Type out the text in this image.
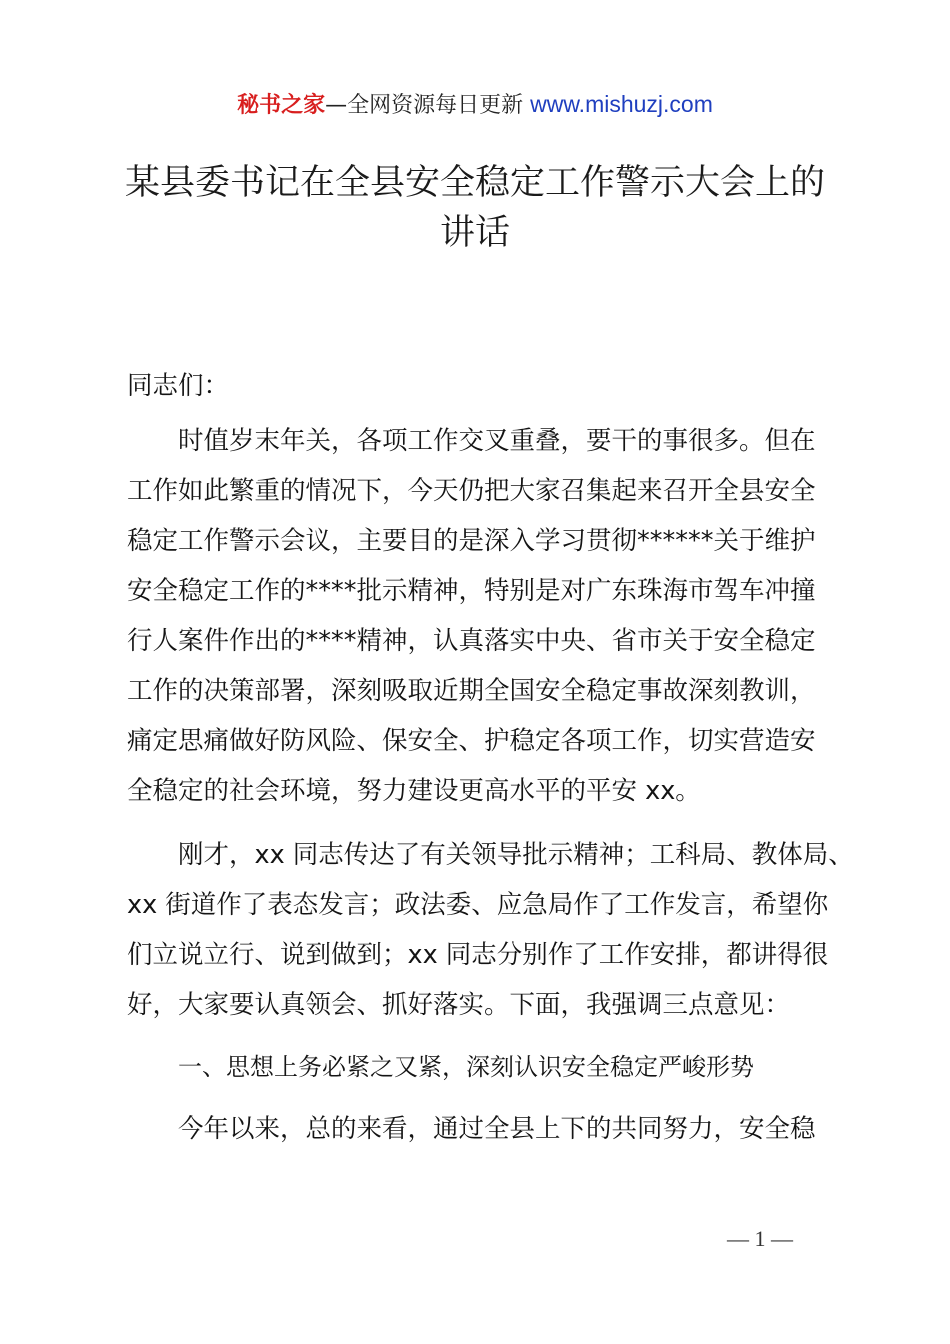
秘书之家—全网资源每日更新 www.mishuzj.com
某县委书记在全县安全稳定工作警示大会上的
讲话
同志们：
时值岁末年关，各项工作交叉重叠，要干的事很多。但在
工作如此繁重的情况下，今天仍把大家召集起来召开全县安全
稳定工作警示会议，主要目的是深入学习贯彻******关于维护
安全稳定工作的****批示精神，特别是对广东珠海市驾车冲撞
行人案件作出的****精神，认真落实中央、省市关于安全稳定
工作的决策部署，深刻吸取近期全国安全稳定事故深刻教训，
痛定思痛做好防风险、保安全、护稳定各项工作，切实营造安
全稳定的社会环境，努力建设更高水平的平安 xx。
刚才，xx 同志传达了有关领导批示精神；工科局、教体局、
xx 街道作了表态发言；政法委、应急局作了工作发言，希望你
们立说立行、说到做到；xx 同志分别作了工作安排，都讲得很
好，大家要认真领会、抓好落实。下面，我强调三点意见：
一、思想上务必紧之又紧，深刻认识安全稳定严峻形势
今年以来，总的来看，通过全县上下的共同努力，安全稳
— 1 —
